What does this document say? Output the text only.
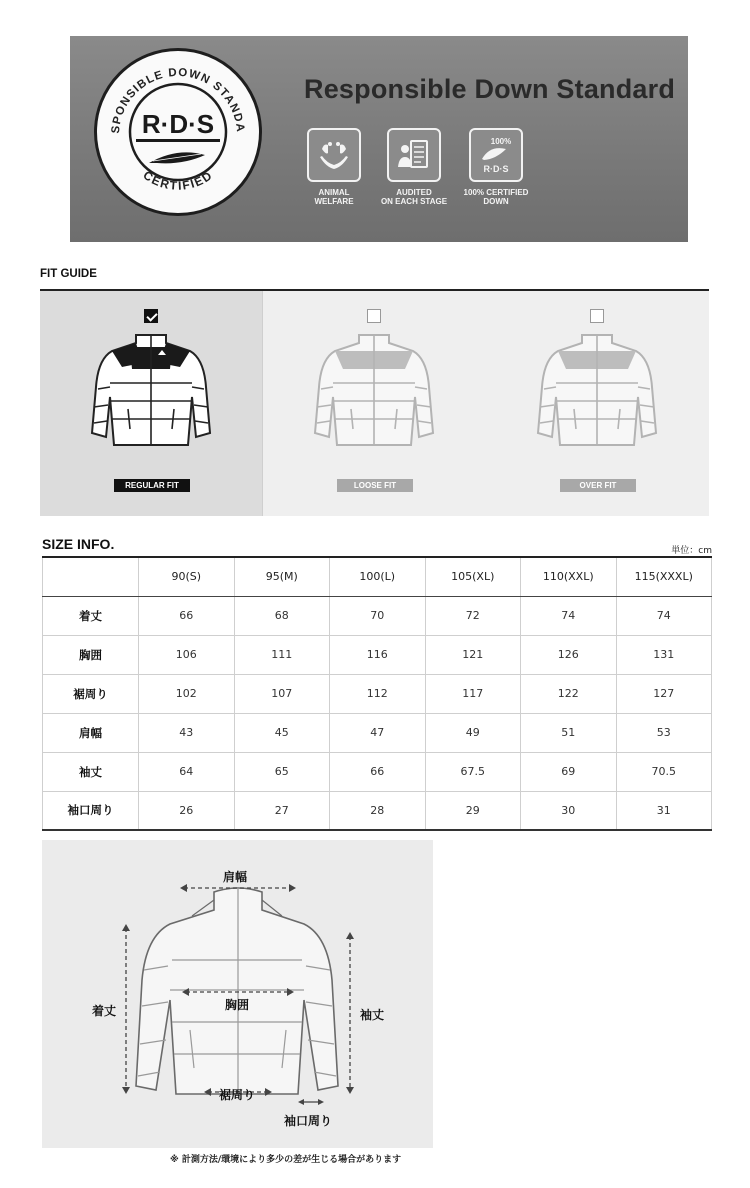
SPONSIBLE DOWN STANDA
CERTIFIED
R·D·S
Responsible Down Standard
ANIMAL
WELFARE
AUDITED
ON EACH STAGE
100%
R·D·S
100% CERTIFIED
DOWN
FIT GUIDE
REGULAR FIT	LOOSE FIT	OVER FIT
SIZE INFO.	単位：cm
	90(S)	95(M)	100(L)	105(XL)	110(XXL)	115(XXXL)
着丈	66	68	70	72	74	74
胸囲	106	111	116	121	126	131
裾周り	102	107	112	117	122	127
肩幅	43	45	47	49	51	53
袖丈	64	65	66	67.5	69	70.5
袖口周り	26	27	28	29	30	31
肩幅
着丈	胸囲
袖丈
裾周り
袖口周り
※ 計測方法/環境により多少の差が生じる場合があります
